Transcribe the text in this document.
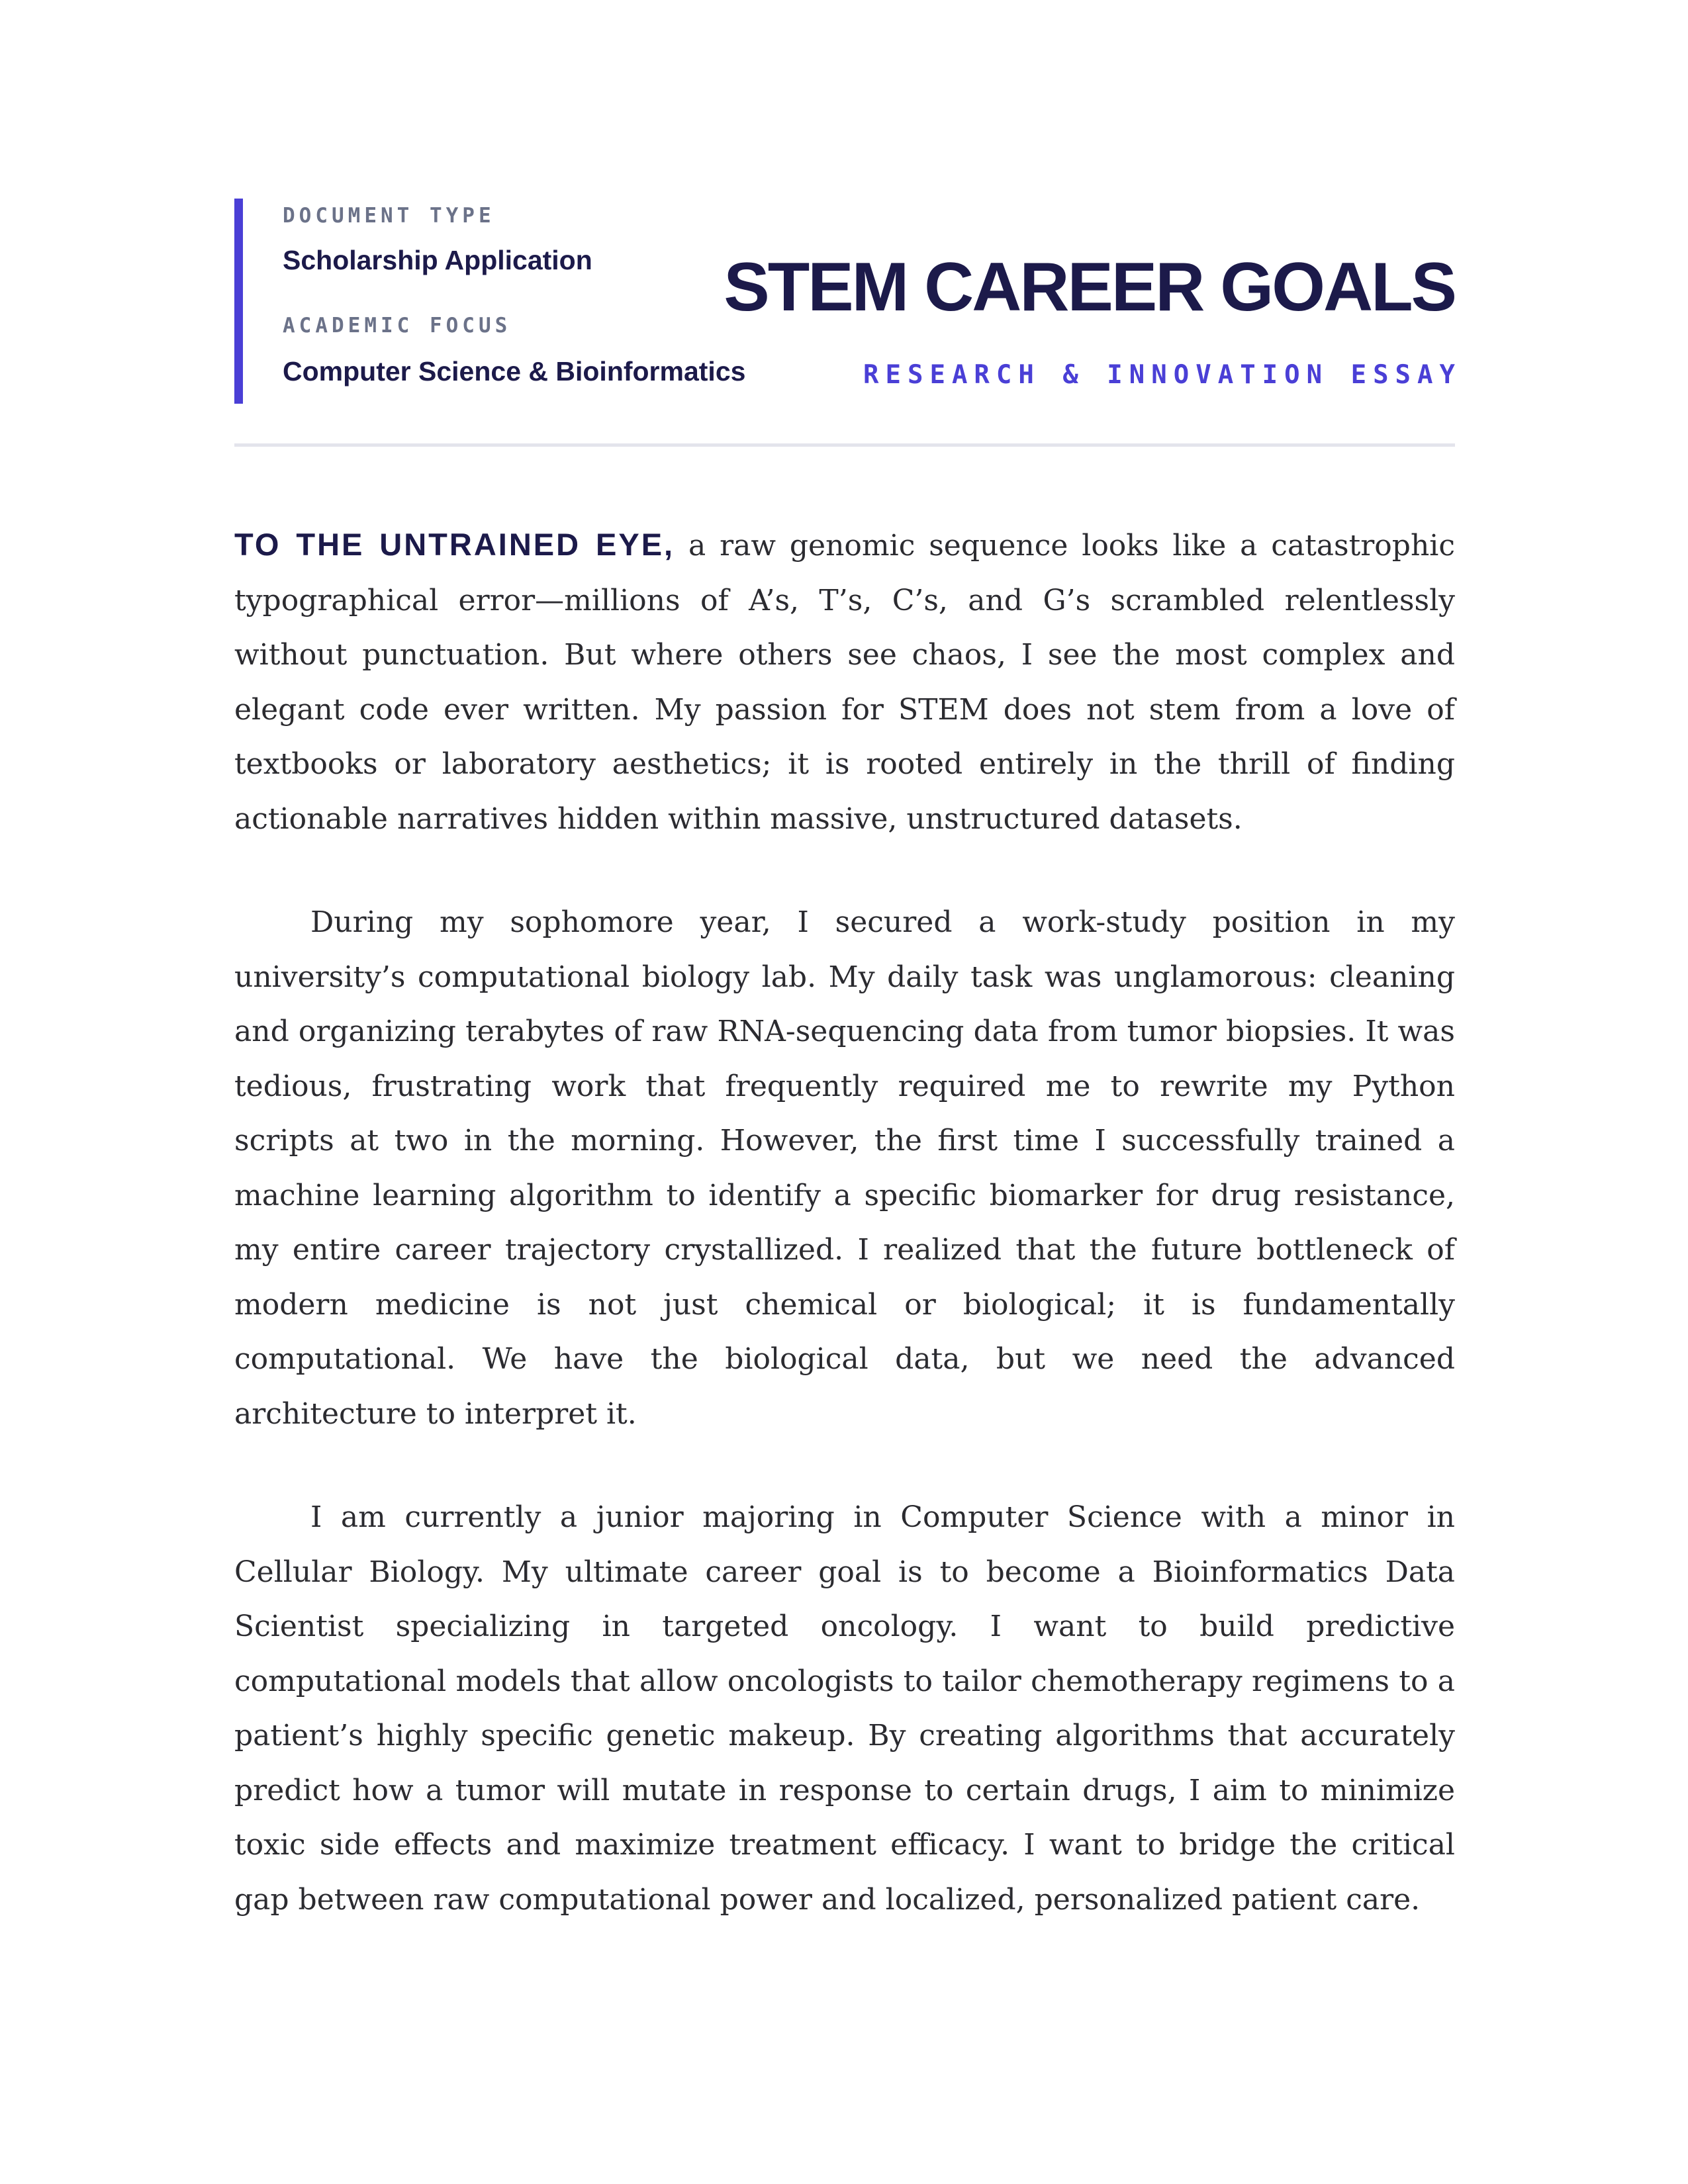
DOCUMENT TYPE
Scholarship Application
ACADEMIC FOCUS
Computer Science & Bioinformatics
STEM CAREER GOALS
RESEARCH & INNOVATION ESSAY

TO THE UNTRAINED EYE, a raw genomic sequence looks like a catastrophic typographical error—millions of A’s, T’s, C’s, and G’s scrambled relentlessly without punctuation. But where others see chaos, I see the most complex and elegant code ever written. My passion for STEM does not stem from a love of textbooks or laboratory aesthetics; it is rooted entirely in the thrill of finding actionable narratives hidden within massive, unstructured datasets.

During my sophomore year, I secured a work-study position in my university’s computational biology lab. My daily task was unglamorous: cleaning and organizing terabytes of raw RNA-sequencing data from tumor biopsies. It was tedious, frustrating work that frequently required me to rewrite my Python scripts at two in the morning. However, the first time I successfully trained a machine learning algorithm to identify a specific biomarker for drug resistance, my entire career trajectory crystallized. I realized that the future bottleneck of modern medicine is not just chemical or biological; it is fundamentally computational. We have the biological data, but we need the advanced architecture to interpret it.

I am currently a junior majoring in Computer Science with a minor in Cellular Biology. My ultimate career goal is to become a Bioinformatics Data Scientist specializing in targeted oncology. I want to build predictive computational models that allow oncologists to tailor chemotherapy regimens to a patient’s highly specific genetic makeup. By creating algorithms that accurately predict how a tumor will mutate in response to certain drugs, I aim to minimize toxic side effects and maximize treatment efficacy. I want to bridge the critical gap between raw computational power and localized, personalized patient care.
